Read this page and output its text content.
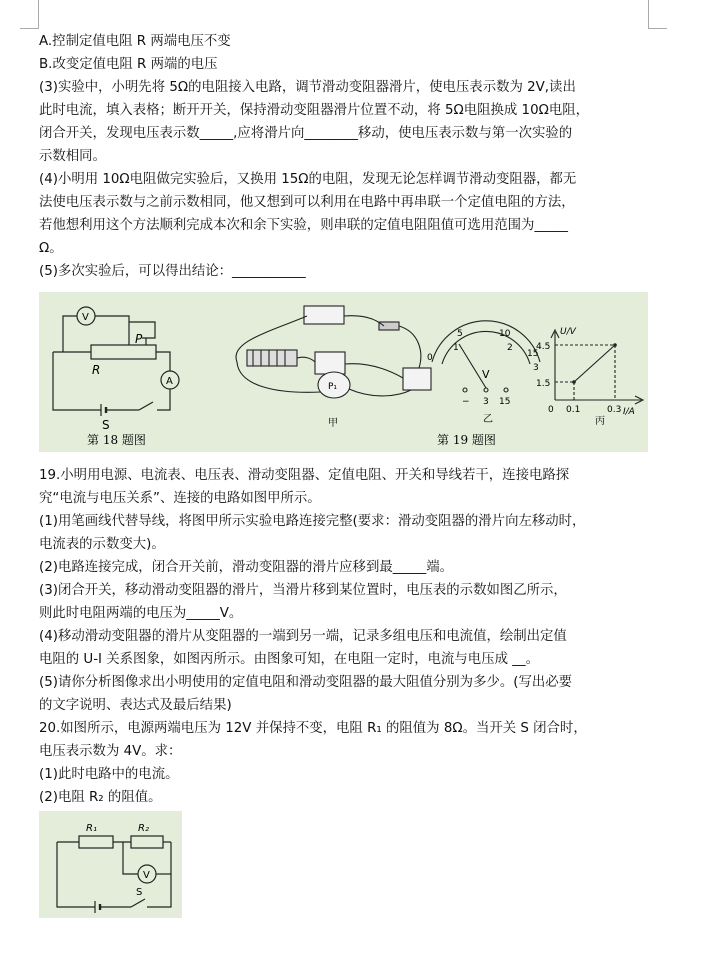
A.控制定值电阻 R 两端电压不变
B.改变定值电阻 R 两端的电压
(3)实验中，小明先将 5Ω的电阻接入电路，调节滑动变阻器滑片，使电压表示数为 2V,读出
此时电流，填入表格；断开开关，保持滑动变阻器滑片位置不动，将 5Ω电阻换成 10Ω电阻，
闭合开关，发现电压表示数_____,应将滑片向________移动，使电压表示数与第一次实验的
示数相同。
(4)小明用 10Ω电阻做完实验后，又换用 15Ω的电阻，发现无论怎样调节滑动变阻器，都无
法使电压表示数与之前示数相同，他又想到可以利用在电路中再串联一个定值电阻的方法，
若他想利用这个方法顺利完成本次和余下实验，则串联的定值电阻阻值可选用范围为_____
Ω。
(5)多次实验后，可以得出结论：___________
R
P
S
V
A
第 18 题图
P₁
甲
第 19 题图
5	10
15
0
1	2
3
V
− 3 15
乙
U/V
I/A
4.5
1.5
0.1	0.3
0
丙
19.小明用电源、电流表、电压表、滑动变阻器、定值电阻、开关和导线若干，连接电路探
究“电流与电压关系”、连接的电路如图甲所示。
(1)用笔画线代替导线，将图甲所示实验电路连接完整(要求：滑动变阻器的滑片向左移动时，
电流表的示数变大)。
(2)电路连接完成，闭合开关前，滑动变阻器的滑片应移到最_____端。
(3)闭合开关，移动滑动变阻器的滑片，当滑片移到某位置时，电压表的示数如图乙所示，
则此时电阻两端的电压为_____V。
(4)移动滑动变阻器的滑片从变阻器的一端到另一端，记录多组电压和电流值，绘制出定值
电阻的 U-I 关系图象，如图丙所示。由图象可知，在电阻一定时，电流与电压成 __。
(5)请你分析图像求出小明使用的定值电阻和滑动变阻器的最大阻值分别为多少。(写出必要
的文字说明、表达式及最后结果)
20.如图所示，电源两端电压为 12V 并保持不变，电阻 R₁ 的阻值为 8Ω。当开关 S 闭合时，
电压表示数为 4V。求：
(1)此时电路中的电流。
(2)电阻 R₂ 的阻值。
R₁	R₂
V
S
